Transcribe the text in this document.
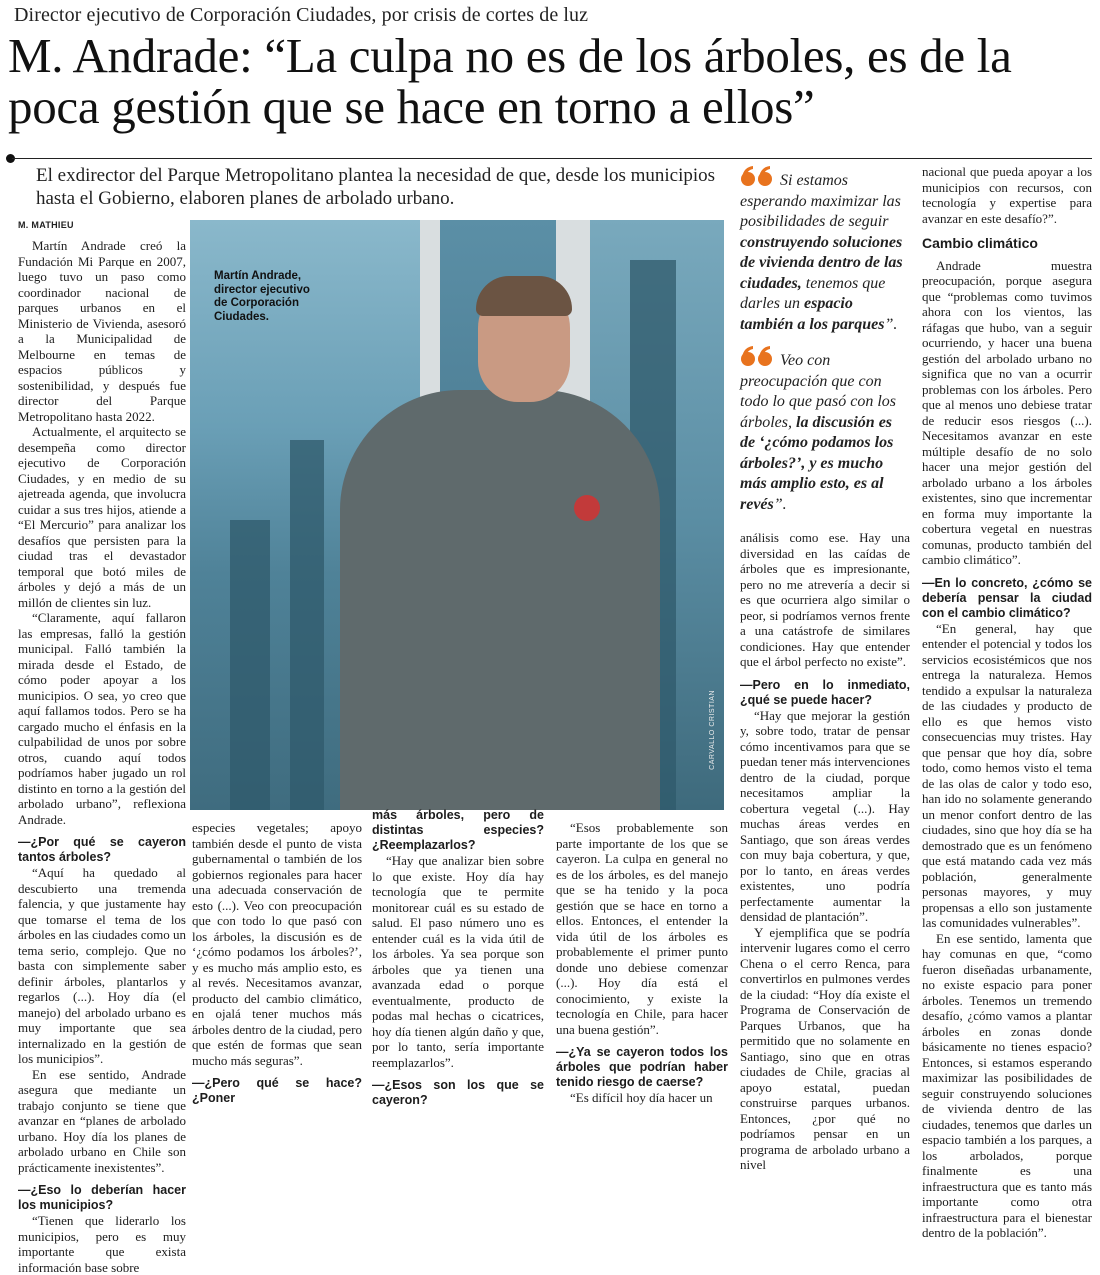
Director ejecutivo de Corporación Ciudades, por crisis de cortes de luz
M. Andrade: “La culpa no es de los árboles, es de la poca gestión que se hace en torno a ellos”
El exdirector del Parque Metropolitano plantea la necesidad de que, desde los municipios hasta el Gobierno, elaboren planes de arbolado urbano.
M. MATHIEU

Martín Andrade creó la Fundación Mi Parque en 2007, luego tuvo un paso como coordinador nacional de parques urbanos en el Ministerio de Vivienda, asesoró a la Municipalidad de Melbourne en temas de espacios públicos y sostenibilidad, y después fue director del Parque Metropolitano hasta 2022.

Actualmente, el arquitecto se desempeña como director ejecutivo de Corporación Ciudades, y en medio de su ajetreada agenda, que involucra cuidar a sus tres hijos, atiende a “El Mercurio” para analizar los desafíos que persisten para la ciudad tras el devastador temporal que botó miles de árboles y dejó a más de un millón de clientes sin luz.

“Claramente, aquí fallaron las empresas, falló la gestión municipal. Falló también la mirada desde el Estado, de cómo poder apoyar a los municipios. O sea, yo creo que aquí fallamos todos. Pero se ha cargado mucho el énfasis en la culpabilidad de unos por sobre otros, cuando aquí todos podríamos haber jugado un rol distinto en torno a la gestión del arbolado urbano”, reflexiona Andrade.

—¿Por qué se cayeron tantos árboles?

“Aquí ha quedado al descubierto una tremenda falencia, y que justamente hay que tomarse el tema de los árboles en las ciudades como un tema serio, complejo. Que no basta con simplemente saber definir árboles, plantarlos y regarlos (...). Hoy día (el manejo) del arbolado urbano es muy importante que sea internalizado en la gestión de los municipios”.

En ese sentido, Andrade asegura que mediante un trabajo conjunto se tiene que avanzar en “planes de arbolado urbano. Hoy día los planes de arbolado urbano en Chile son prácticamente inexistentes”.

—¿Eso lo deberían hacer los municipios?

“Tienen que liderarlo los municipios, pero es muy importante que exista información base sobre

Martín Andrade, director ejecutivo de Corporación Ciudades.
CARVALLO CRISTIAN
Si estamos esperando maximizar las posibilidades de seguir construyendo soluciones de vivienda dentro de las ciudades, tenemos que darles un espacio también a los parques”.
Veo con preocupación que con todo lo que pasó con los árboles, la discusión es de ‘¿cómo podamos los árboles?’, y es mucho más amplio esto, es al revés”.

especies vegetales; apoyo también desde el punto de vista gubernamental o también de los gobiernos regionales para hacer una adecuada conservación de esto (...). Veo con preocupación que con todo lo que pasó con los árboles, la discusión es de ‘¿cómo podamos los árboles?’, y es mucho más amplio esto, es al revés. Necesitamos avanzar, producto del cambio climático, en ojalá tener muchos más árboles dentro de la ciudad, pero que estén de formas que sean mucho más seguras”.

—¿Pero qué se hace? ¿Poner

más árboles, pero de distintas especies? ¿Reemplazarlos?

“Hay que analizar bien sobre lo que existe. Hoy día hay tecnología que te permite monitorear cuál es su estado de salud. El paso número uno es entender cuál es la vida útil de los árboles. Ya sea porque son árboles que ya tienen una avanzada edad o porque eventualmente, producto de podas mal hechas o cicatrices, hoy día tienen algún daño y que, por lo tanto, sería importante reemplazarlos”.

—¿Esos son los que se cayeron?

“Esos probablemente son parte importante de los que se cayeron. La culpa en general no es de los árboles, es del manejo que se ha tenido y la poca gestión que se hace en torno a ellos. Entonces, el entender la vida útil de los árboles es probablemente el primer punto donde uno debiese comenzar (...). Hoy día está el conocimiento, y existe la tecnología en Chile, para hacer una buena gestión”.

—¿Ya se cayeron todos los árboles que podrían haber tenido riesgo de caerse?

“Es difícil hoy día hacer un

análisis como ese. Hay una diversidad en las caídas de árboles que es impresionante, pero no me atrevería a decir si es que ocurriera algo similar o peor, si podríamos vernos frente a una catástrofe de similares condiciones. Hay que entender que el árbol perfecto no existe”.

—Pero en lo inmediato, ¿qué se puede hacer?

“Hay que mejorar la gestión y, sobre todo, tratar de pensar cómo incentivamos para que se puedan tener más intervenciones dentro de la ciudad, porque necesitamos ampliar la cobertura vegetal (...). Hay muchas áreas verdes en Santiago, que son áreas verdes con muy baja cobertura, y que, por lo tanto, en áreas verdes existentes, uno podría perfectamente aumentar la densidad de plantación”.

Y ejemplifica que se podría intervenir lugares como el cerro Chena o el cerro Renca, para convertirlos en pulmones verdes de la ciudad: “Hoy día existe el Programa de Conservación de Parques Urbanos, que ha permitido que no solamente en Santiago, sino que en otras ciudades de Chile, gracias al apoyo estatal, puedan construirse parques urbanos. Entonces, ¿por qué no podríamos pensar en un programa de arbolado urbano a nivel

nacional que pueda apoyar a los municipios con recursos, con tecnología y expertise para avanzar en este desafío?”.

Cambio climático

Andrade muestra preocupación, porque asegura que “problemas como tuvimos ahora con los vientos, las ráfagas que hubo, van a seguir ocurriendo, y hacer una buena gestión del arbolado urbano no significa que no van a ocurrir problemas con los árboles. Pero que al menos uno debiese tratar de reducir esos riesgos (...). Necesitamos avanzar en este múltiple desafío de no solo hacer una mejor gestión del arbolado urbano a los árboles existentes, sino que incrementar en forma muy importante la cobertura vegetal en nuestras comunas, producto también del cambio climático”.

—En lo concreto, ¿cómo se debería pensar la ciudad con el cambio climático?

“En general, hay que entender el potencial y todos los servicios ecosistémicos que nos entrega la naturaleza. Hemos tendido a expulsar la naturaleza de las ciudades y producto de ello es que hemos visto consecuencias muy tristes. Hay que pensar que hoy día, sobre todo, como hemos visto el tema de las olas de calor y todo eso, han ido no solamente generando un menor confort dentro de las ciudades, sino que hoy día se ha demostrado que es un fenómeno que está matando cada vez más población, generalmente personas mayores, y muy propensas a ello son justamente las comunidades vulnerables”.

En ese sentido, lamenta que hay comunas en que, “como fueron diseñadas urbanamente, no existe espacio para poner árboles. Tenemos un tremendo desafío, ¿cómo vamos a plantar árboles en zonas donde básicamente no tienes espacio? Entonces, si estamos esperando maximizar las posibilidades de seguir construyendo soluciones de vivienda dentro de las ciudades, tenemos que darles un espacio también a los parques, a los arbolados, porque finalmente es una infraestructura que es tanto más importante como otra infraestructura para el bienestar dentro de la población”.
